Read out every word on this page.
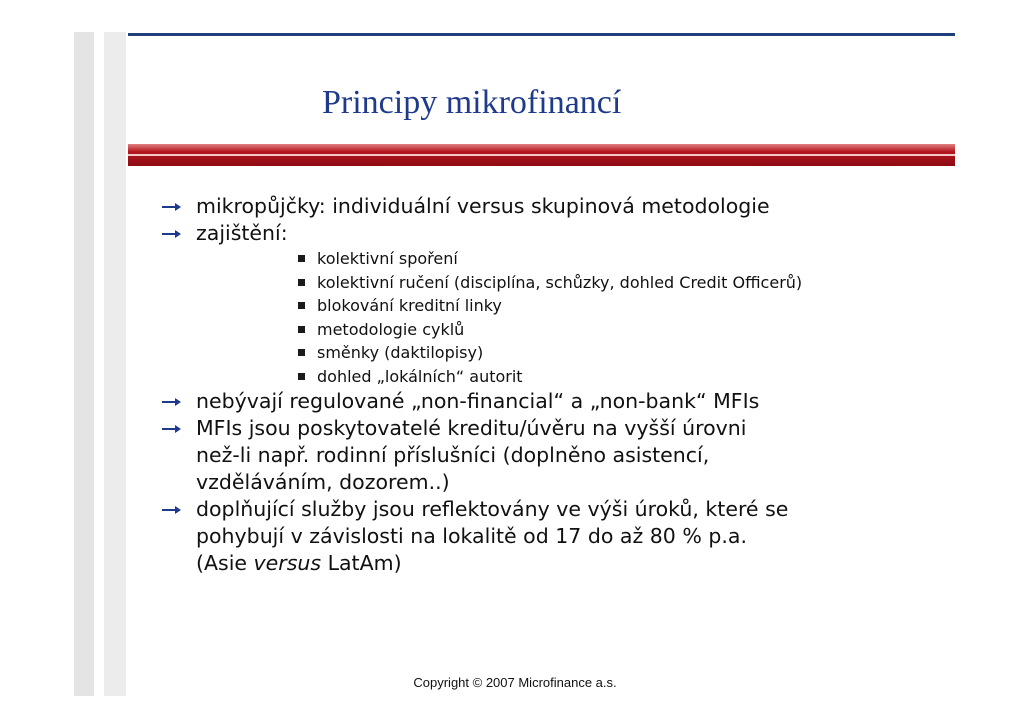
Principy mikrofinancí
mikropůjčky: individuální versus skupinová metodologie
zajištění:
kolektivní spoření
kolektivní ručení (disciplína, schůzky, dohled Credit Officerů)
blokování kreditní linky
metodologie cyklů
směnky (daktilopisy)
dohled „lokálních“ autorit
nebývají regulované „non-financial“ a „non-bank“ MFIs
MFIs jsou poskytovatelé kreditu/úvěru na vyšší úrovni
než-li např. rodinní příslušníci (doplněno asistencí,
vzděláváním, dozorem..)
doplňující služby jsou reflektovány ve výši úroků, které se
pohybují v závislosti na lokalitě od 17 do až 80 % p.a.
(Asie versus LatAm)
Copyright © 2007 Microfinance a.s.
